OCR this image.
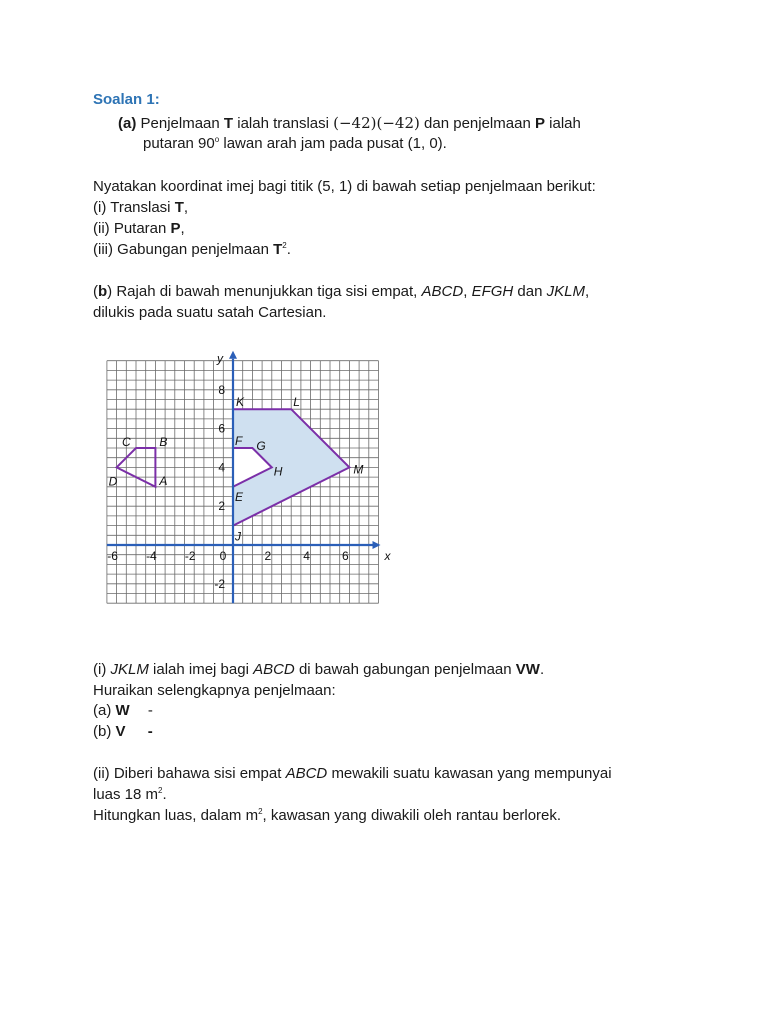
Soalan 1:
(a) Penjelmaan T ialah translasi (−42)(−42) dan penjelmaan P ialah
putaran 90$^o$ lawan arah jam pada pusat (1, 0).
Nyatakan koordinat imej bagi titik (5, 1) di bawah setiap penjelmaan berikut:
(i) Translasi T,
(ii) Putaran P,
(iii) Gabungan penjelmaan $T^2$.
(b) Rajah di bawah menunjukkan tiga sisi empat, ABCD, EFGH dan JKLM,
dilukis pada suatu satah Cartesian.
-6 -4 -2 0	2	4	6
8
6
4
2
-2
x
y
A
B
C
D
E
F G
H
J
K	L
M
(i) JKLM ialah imej bagi ABCD di bawah gabungan penjelmaan VW.
Huraikan selengkapnya penjelmaan:
(a) W -
(b) V -
(ii) Diberi bahawa sisi empat ABCD mewakili suatu kawasan yang mempunyai
luas 18 $m^2$.
Hitungkan luas, dalam $m^2$, kawasan yang diwakili oleh rantau berlorek.
